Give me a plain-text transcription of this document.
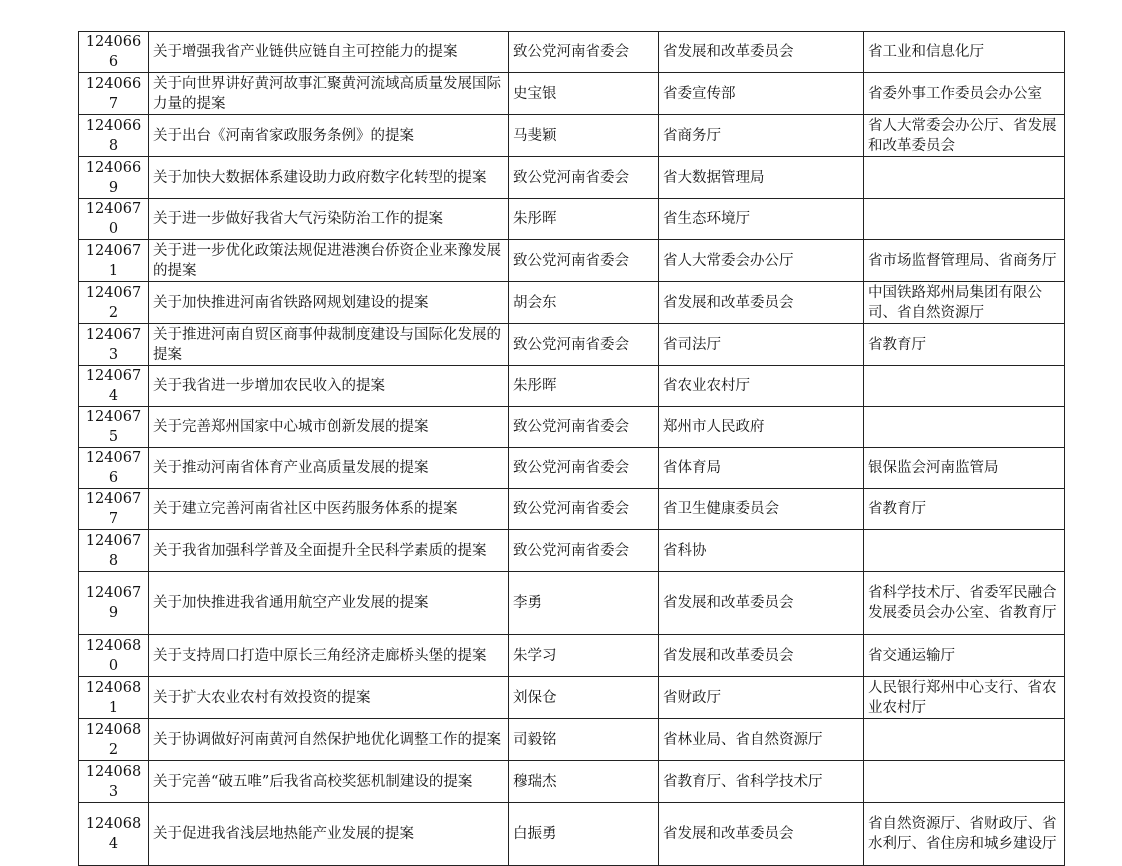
1240666	关于增强我省产业链供应链自主可控能力的提案	致公党河南省委会	省发展和改革委员会	省工业和信息化厅
1240667	关于向世界讲好黄河故事汇聚黄河流域高质量发展国际力量的提案	史宝银	省委宣传部	省委外事工作委员会办公室
1240668	关于出台《河南省家政服务条例》的提案	马斐颖	省商务厅	省人大常委会办公厅、省发展和改革委员会
1240669	关于加快大数据体系建设助力政府数字化转型的提案	致公党河南省委会	省大数据管理局	
1240670	关于进一步做好我省大气污染防治工作的提案	朱彤晖	省生态环境厅	
1240671	关于进一步优化政策法规促进港澳台侨资企业来豫发展的提案	致公党河南省委会	省人大常委会办公厅	省市场监督管理局、省商务厅
1240672	关于加快推进河南省铁路网规划建设的提案	胡会东	省发展和改革委员会	中国铁路郑州局集团有限公司、省自然资源厅
1240673	关于推进河南自贸区商事仲裁制度建设与国际化发展的提案	致公党河南省委会	省司法厅	省教育厅
1240674	关于我省进一步增加农民收入的提案	朱彤晖	省农业农村厅	
1240675	关于完善郑州国家中心城市创新发展的提案	致公党河南省委会	郑州市人民政府	
1240676	关于推动河南省体育产业高质量发展的提案	致公党河南省委会	省体育局	银保监会河南监管局
1240677	关于建立完善河南省社区中医药服务体系的提案	致公党河南省委会	省卫生健康委员会	省教育厅
1240678	关于我省加强科学普及全面提升全民科学素质的提案	致公党河南省委会	省科协	
1240679	关于加快推进我省通用航空产业发展的提案	李勇	省发展和改革委员会	省科学技术厅、省委军民融合发展委员会办公室、省教育厅
1240680	关于支持周口打造中原长三角经济走廊桥头堡的提案	朱学习	省发展和改革委员会	省交通运输厅
1240681	关于扩大农业农村有效投资的提案	刘保仓	省财政厅	人民银行郑州中心支行、省农业农村厅
1240682	关于协调做好河南黄河自然保护地优化调整工作的提案	司毅铭	省林业局、省自然资源厅	
1240683	关于完善“破五唯”后我省高校奖惩机制建设的提案	穆瑞杰	省教育厅、省科学技术厅	
1240684	关于促进我省浅层地热能产业发展的提案	白振勇	省发展和改革委员会	省自然资源厅、省财政厅、省水利厅、省住房和城乡建设厅
